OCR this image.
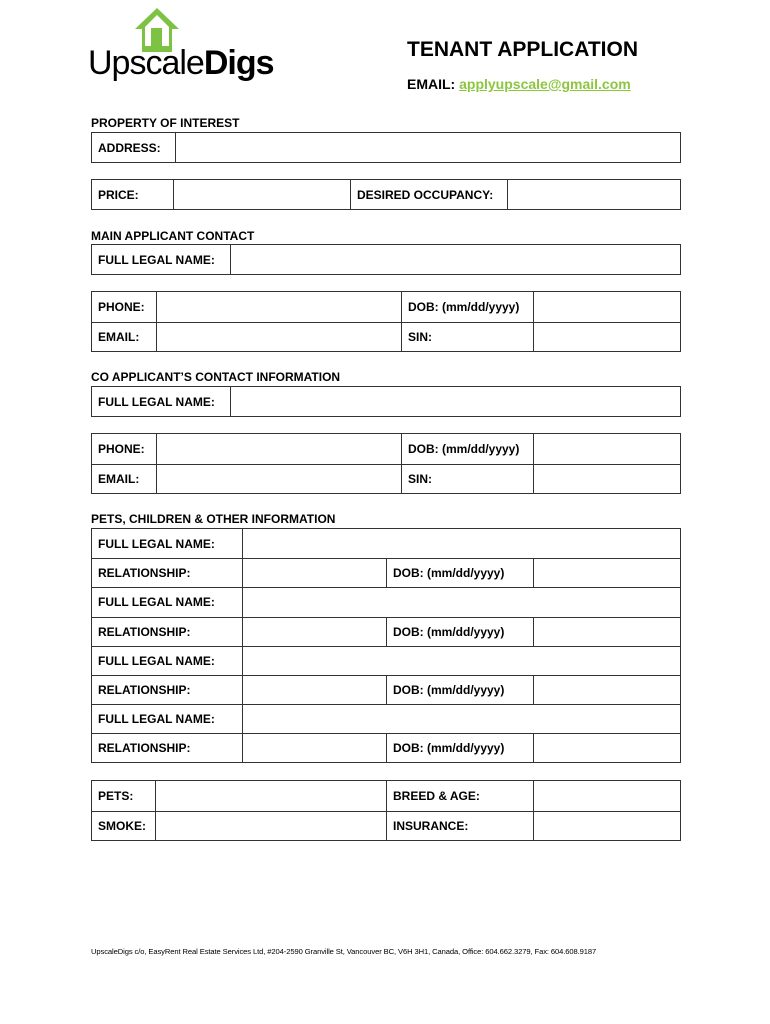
UpscaleDigs	TENANT APPLICATION
EMAIL: applyupscale@gmail.com
PROPERTY OF INTEREST
ADDRESS:
PRICE:	DESIRED OCCUPANCY:
MAIN APPLICANT CONTACT
FULL LEGAL NAME:
PHONE:	DOB: (mm/dd/yyyy)
EMAIL:	SIN:
CO APPLICANT’S CONTACT INFORMATION
FULL LEGAL NAME:
PHONE:	DOB: (mm/dd/yyyy)
EMAIL:	SIN:
PETS, CHILDREN & OTHER INFORMATION
FULL LEGAL NAME:
RELATIONSHIP:	DOB: (mm/dd/yyyy)
FULL LEGAL NAME:
RELATIONSHIP:	DOB: (mm/dd/yyyy)
FULL LEGAL NAME:
RELATIONSHIP:	DOB: (mm/dd/yyyy)
FULL LEGAL NAME:
RELATIONSHIP:	DOB: (mm/dd/yyyy)
PETS:	BREED & AGE:
SMOKE:	INSURANCE:
UpscaleDigs c/o, EasyRent Real Estate Services Ltd, #204-2590 Granville St, Vancouver BC, V6H 3H1, Canada, Office: 604.662.3279, Fax: 604.608.9187
